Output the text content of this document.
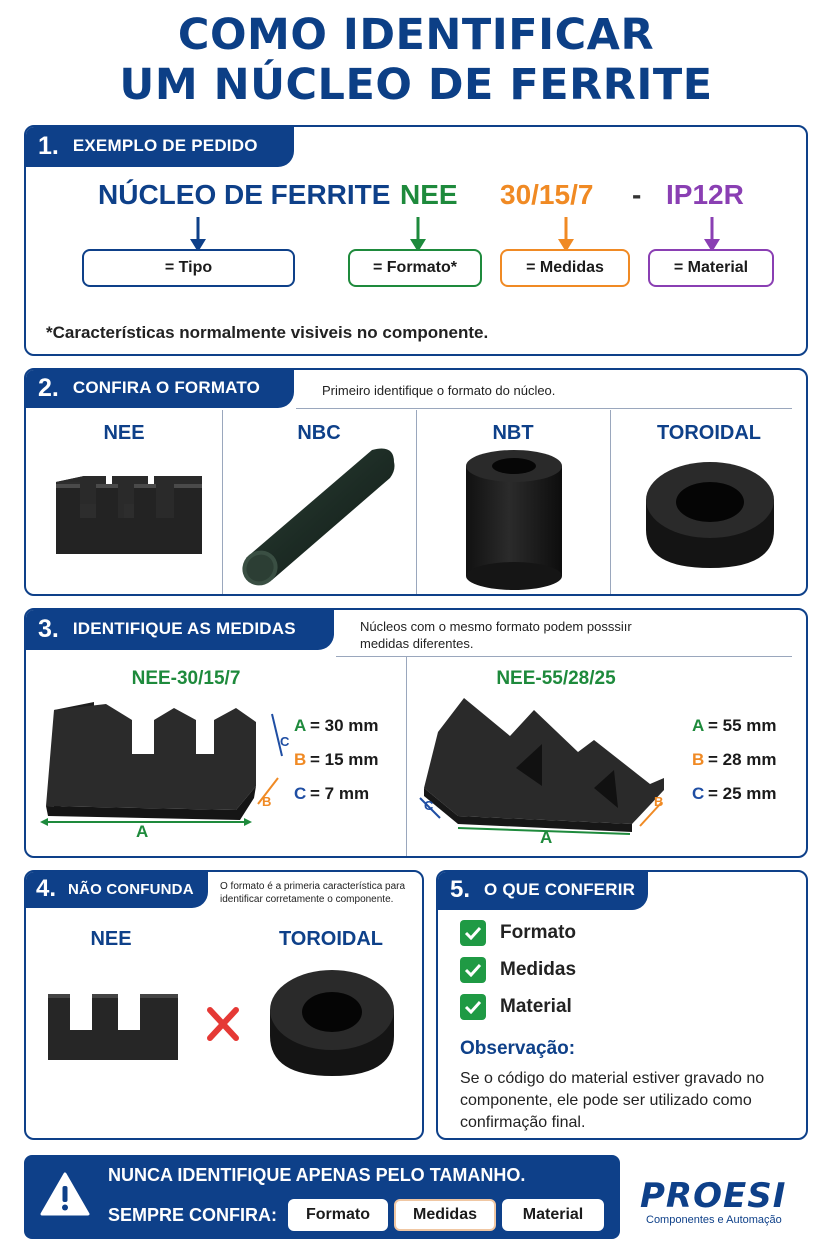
COMO IDENTIFICAR
UM NÚCLEO DE FERRITE
1. EXEMPLO DE PEDIDO
NÚCLEO DE FERRITE NEE 30/15/7 - IP12R
= Tipo	= Formato*	= Medidas	= Material
*Características normalmente visiveis no componente.
2. CONFIRA O FORMATO	Primeiro identifique o formato do núcleo.
NEE	NBC	NBT	TOROIDAL
3. IDENTIFIQUE AS MEDIDAS	Núcleos com o mesmo formato podem posssiır medidas diferentes.
NEE-30/15/7	NEE-55/28/25
A
B
C
A = 30 mm
B = 15 mm
C = 7 mm
A
B
C
A = 55 mm
B = 28 mm
C = 25 mm
4. NÃO CONFUNDA	O formato é a primeria característica para identificar corretamente o componente.
NEE	TOROIDAL
5. O QUE CONFERIR
Formato
Medidas
Material
Observação:
Se o código do material estiver gravado no componente, ele pode ser utilizado como confirmação final.
NUNCA IDENTIFIQUE APENAS PELO TAMANHO.
SEMPRE CONFIRA:	Formato	Medidas	Material	PROESI
Componentes e Automação
